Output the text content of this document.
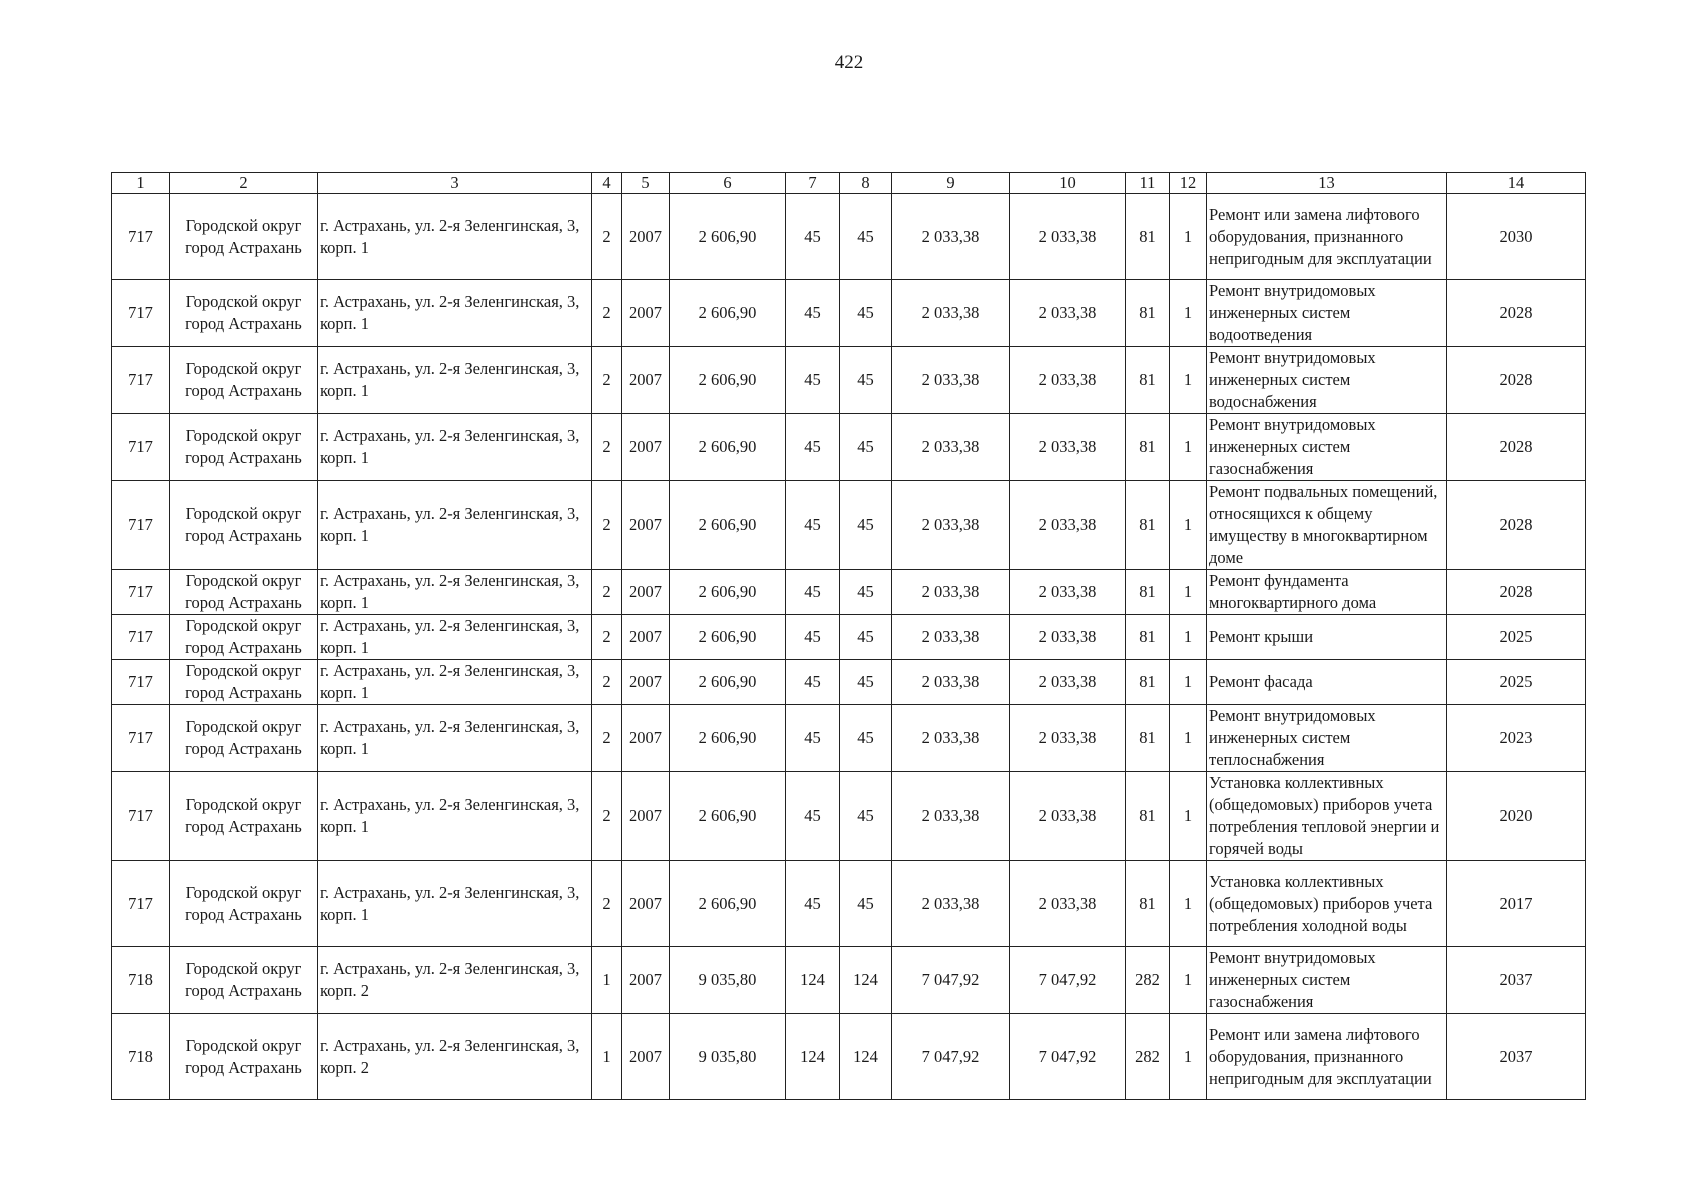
422
1	2	3	4	5	6	7	8	9	10	11	12	13	14
717	Городской округ город Астрахань	г. Астрахань, ул. 2-я Зеленгинская, 3, корп. 1	2	2007	2 606,90	45	45	2 033,38	2 033,38	81	1	Ремонт или замена лифтового оборудования, признанного непригодным для эксплуатации	2030
717	Городской округ город Астрахань	г. Астрахань, ул. 2-я Зеленгинская, 3, корп. 1	2	2007	2 606,90	45	45	2 033,38	2 033,38	81	1	Ремонт внутридомовых инженерных систем водоотведения	2028
717	Городской округ город Астрахань	г. Астрахань, ул. 2-я Зеленгинская, 3, корп. 1	2	2007	2 606,90	45	45	2 033,38	2 033,38	81	1	Ремонт внутридомовых инженерных систем водоснабжения	2028
717	Городской округ город Астрахань	г. Астрахань, ул. 2-я Зеленгинская, 3, корп. 1	2	2007	2 606,90	45	45	2 033,38	2 033,38	81	1	Ремонт внутридомовых инженерных систем газоснабжения	2028
717	Городской округ город Астрахань	г. Астрахань, ул. 2-я Зеленгинская, 3, корп. 1	2	2007	2 606,90	45	45	2 033,38	2 033,38	81	1	Ремонт подвальных помещений, относящихся к общему имуществу в многоквартирном доме	2028
717	Городской округ город Астрахань	г. Астрахань, ул. 2-я Зеленгинская, 3, корп. 1	2	2007	2 606,90	45	45	2 033,38	2 033,38	81	1	Ремонт фундамента многоквартирного дома	2028
717	Городской округ город Астрахань	г. Астрахань, ул. 2-я Зеленгинская, 3, корп. 1	2	2007	2 606,90	45	45	2 033,38	2 033,38	81	1	Ремонт крыши	2025
717	Городской округ город Астрахань	г. Астрахань, ул. 2-я Зеленгинская, 3, корп. 1	2	2007	2 606,90	45	45	2 033,38	2 033,38	81	1	Ремонт фасада	2025
717	Городской округ город Астрахань	г. Астрахань, ул. 2-я Зеленгинская, 3, корп. 1	2	2007	2 606,90	45	45	2 033,38	2 033,38	81	1	Ремонт внутридомовых инженерных систем теплоснабжения	2023
717	Городской округ город Астрахань	г. Астрахань, ул. 2-я Зеленгинская, 3, корп. 1	2	2007	2 606,90	45	45	2 033,38	2 033,38	81	1	Установка коллективных (общедомовых) приборов учета потребления тепловой энергии и горячей воды	2020
717	Городской округ город Астрахань	г. Астрахань, ул. 2-я Зеленгинская, 3, корп. 1	2	2007	2 606,90	45	45	2 033,38	2 033,38	81	1	Установка коллективных (общедомовых) приборов учета потребления холодной воды	2017
718	Городской округ город Астрахань	г. Астрахань, ул. 2-я Зеленгинская, 3, корп. 2	1	2007	9 035,80	124	124	7 047,92	7 047,92	282	1	Ремонт внутридомовых инженерных систем газоснабжения	2037
718	Городской округ город Астрахань	г. Астрахань, ул. 2-я Зеленгинская, 3, корп. 2	1	2007	9 035,80	124	124	7 047,92	7 047,92	282	1	Ремонт или замена лифтового оборудования, признанного непригодным для эксплуатации	2037
